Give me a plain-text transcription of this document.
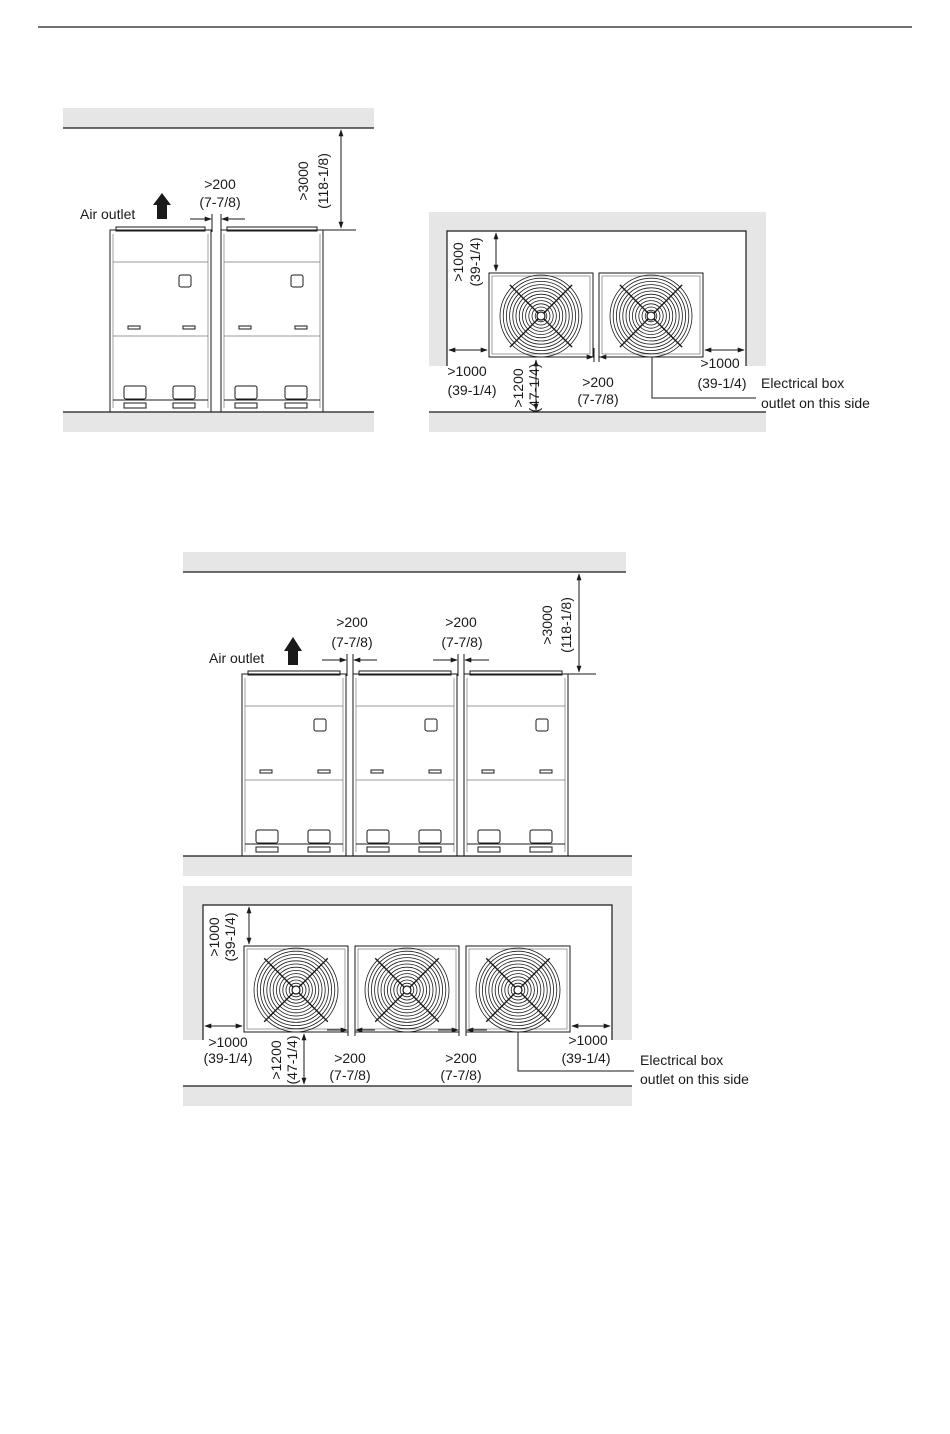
Air outlet
>200
(7-7/8)
>3000 (118-1/8)
>1000 (39-1/4)
>1000
(39-1/4) >1200 (47-1/4)	>200
(7-7/8)
>1000
(39-1/4) Electrical box
outlet on this side
Air outlet
>200
(7-7/8)
>200
(7-7/8)	>3000 (118-1/8)
>1000 (39-1/4)
>1000
(39-1/4) >1200 (47-1/4) >200
(7-7/8)
>200
(7-7/8)
>1000
(39-1/4) Electrical box
outlet on this side
